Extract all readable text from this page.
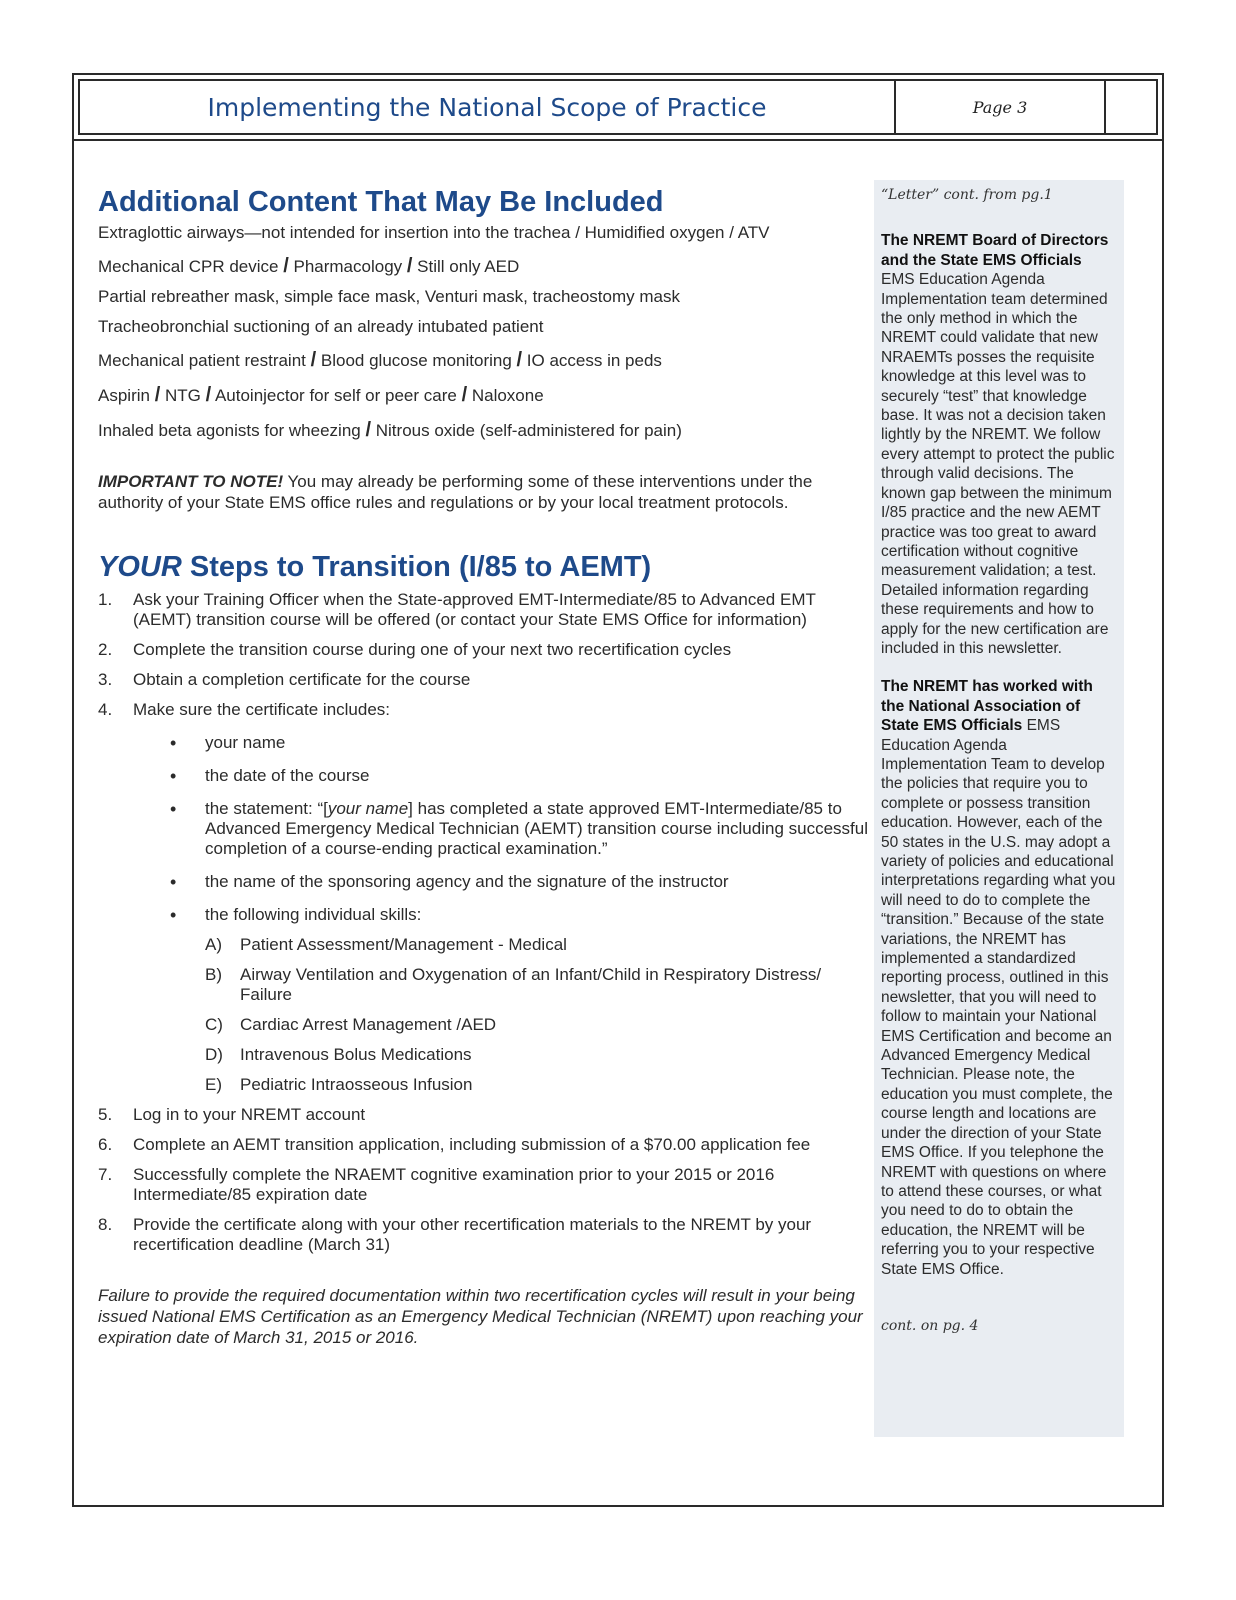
Implementing the National Scope of Practice	Page 3
Additional Content That May Be Included
Extraglottic airways—not intended for insertion into the trachea / Humidified oxygen / ATV
Mechanical CPR device / Pharmacology / Still only AED
Partial rebreather mask, simple face mask, Venturi mask, tracheostomy mask
Tracheobronchial suctioning of an already intubated patient
Mechanical patient restraint / Blood glucose monitoring / IO access in peds
Aspirin / NTG / Autoinjector for self or peer care / Naloxone
Inhaled beta agonists for wheezing / Nitrous oxide (self-administered for pain)

IMPORTANT TO NOTE! You may already be performing some of these interventions under the authority of your State EMS office rules and regulations or by your local treatment protocols.

YOUR Steps to Transition (I/85 to AEMT)
1. Ask your Training Officer when the State-approved EMT-Intermediate/85 to Advanced EMT (AEMT) transition course will be offered (or contact your State EMS Office for information)
2. Complete the transition course during one of your next two recertification cycles
3. Obtain a completion certificate for the course
4. Make sure the certificate includes:
• your name
• the date of the course
• the statement: “[your name] has completed a state approved EMT-Intermediate/85 to Advanced Emergency Medical Technician (AEMT) transition course including successful completion of a course-ending practical examination.”
• the name of the sponsoring agency and the signature of the instructor
• the following individual skills:
A) Patient Assessment/Management - Medical
B) Airway Ventilation and Oxygenation of an Infant/Child in Respiratory Distress/ Failure
C) Cardiac Arrest Management /AED
D) Intravenous Bolus Medications
E) Pediatric Intraosseous Infusion
5. Log in to your NREMT account
6. Complete an AEMT transition application, including submission of a $70.00 application fee
7. Successfully complete the NRAEMT cognitive examination prior to your 2015 or 2016 Intermediate/85 expiration date
8. Provide the certificate along with your other recertification materials to the NREMT by your recertification deadline (March 31)

Failure to provide the required documentation within two recertification cycles will result in your being issued National EMS Certification as an Emergency Medical Technician (NREMT) upon reaching your expiration date of March 31, 2015 or 2016.

“Letter” cont. from pg.1

The NREMT Board of Directors and the State EMS Officials EMS Education Agenda Implementation team determined the only method in which the NREMT could validate that new NRAEMTs posses the requisite knowledge at this level was to securely “test” that knowledge base. It was not a decision taken lightly by the NREMT. We follow every attempt to protect the public through valid decisions. The known gap between the minimum I/85 practice and the new AEMT practice was too great to award certification without cognitive measurement validation; a test. Detailed information regarding these requirements and how to apply for the new certification are included in this newsletter.

The NREMT has worked with the National Association of State EMS Officials EMS Education Agenda Implementation Team to develop the policies that require you to complete or possess transition education. However, each of the 50 states in the U.S. may adopt a variety of policies and educational interpretations regarding what you will need to do to complete the “transition.” Because of the state variations, the NREMT has implemented a standardized reporting process, outlined in this newsletter, that you will need to follow to maintain your National EMS Certification and become an Advanced Emergency Medical Technician. Please note, the education you must complete, the course length and locations are under the direction of your State EMS Office. If you telephone the NREMT with questions on where to attend these courses, or what you need to do to obtain the education, the NREMT will be referring you to your respective State EMS Office.

cont. on pg. 4
